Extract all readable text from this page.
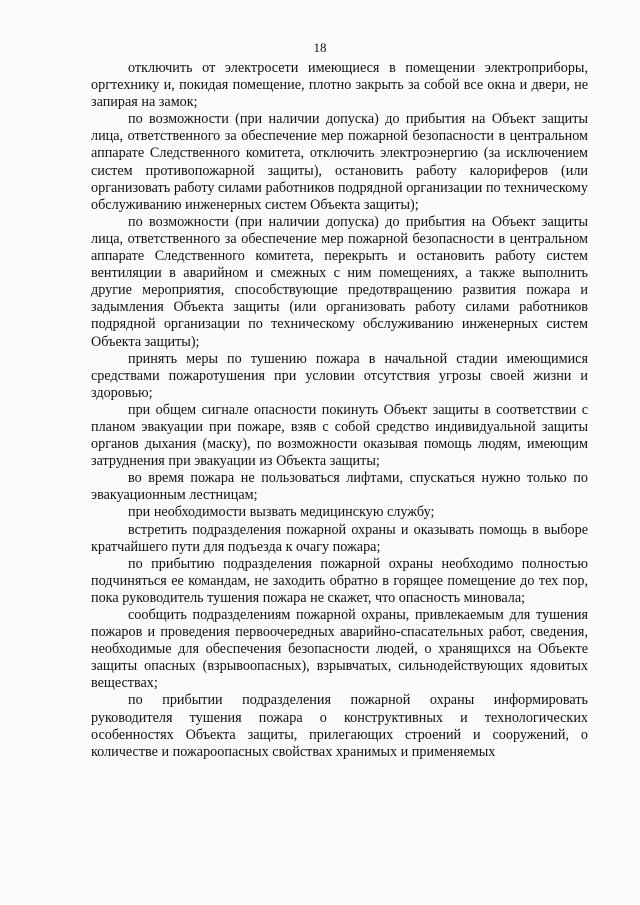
18

отключить от электросети имеющиеся в помещении электроприборы, оргтехнику и, покидая помещение, плотно закрыть за собой все окна и двери, не запирая на замок;

по возможности (при наличии допуска) до прибытия на Объект защиты лица, ответственного за обеспечение мер пожарной безопасности в центральном аппарате Следственного комитета, отключить электроэнергию (за исключением систем противопожарной защиты), остановить работу калориферов (или организовать работу силами работников подрядной организации по техническому обслуживанию инженерных систем Объекта защиты);

по возможности (при наличии допуска) до прибытия на Объект защиты лица, ответственного за обеспечение мер пожарной безопасности в центральном аппарате Следственного комитета, перекрыть и остановить работу систем вентиляции в аварийном и смежных с ним помещениях, а также выполнить другие мероприятия, способствующие предотвращению развития пожара и задымления Объекта защиты (или организовать работу силами работников подрядной организации по техническому обслуживанию инженерных систем Объекта защиты);

принять меры по тушению пожара в начальной стадии имеющимися средствами пожаротушения при условии отсутствия угрозы своей жизни и здоровью;

при общем сигнале опасности покинуть Объект защиты в соответствии с планом эвакуации при пожаре, взяв с собой средство индивидуальной защиты органов дыхания (маску), по возможности оказывая помощь людям, имеющим затруднения при эвакуации из Объекта защиты;

во время пожара не пользоваться лифтами, спускаться нужно только по эвакуационным лестницам;

при необходимости вызвать медицинскую службу;

встретить подразделения пожарной охраны и оказывать помощь в выборе кратчайшего пути для подъезда к очагу пожара;

по прибытию подразделения пожарной охраны необходимо полностью подчиняться ее командам, не заходить обратно в горящее помещение до тех пор, пока руководитель тушения пожара не скажет, что опасность миновала;

сообщить подразделениям пожарной охраны, привлекаемым для тушения пожаров и проведения первоочередных аварийно-спасательных работ, сведения, необходимые для обеспечения безопасности людей, о хранящихся на Объекте защиты опасных (взрывоопасных), взрывчатых, сильнодействующих ядовитых веществах;

по прибытии подразделения пожарной охраны информировать руководителя тушения пожара о конструктивных и технологических особенностях Объекта защиты, прилегающих строений и сооружений, о количестве и пожароопасных свойствах хранимых и применяемых
